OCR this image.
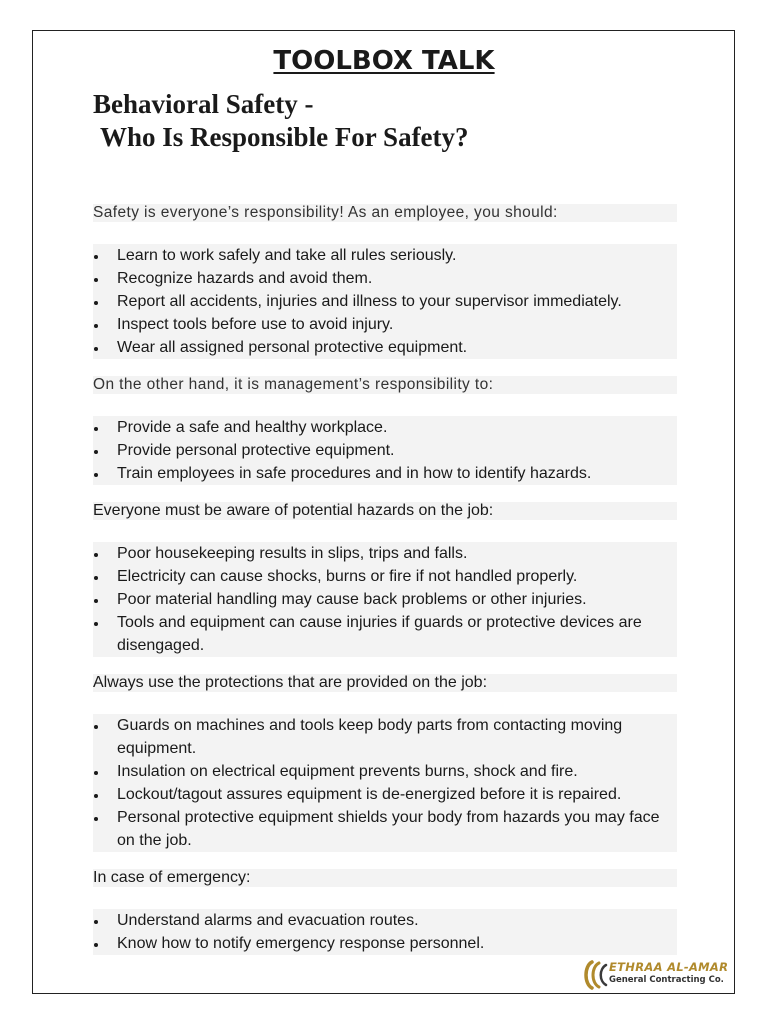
TOOLBOX TALK
Behavioral Safety -
Who Is Responsible For Safety?

Safety is everyone’s responsibility! As an employee, you should:

Learn to work safely and take all rules seriously.
Recognize hazards and avoid them.
Report all accidents, injuries and illness to your supervisor immediately.
Inspect tools before use to avoid injury.
Wear all assigned personal protective equipment.

On the other hand, it is management’s responsibility to:

Provide a safe and healthy workplace.
Provide personal protective equipment.
Train employees in safe procedures and in how to identify hazards.

Everyone must be aware of potential hazards on the job:

Poor housekeeping results in slips, trips and falls.
Electricity can cause shocks, burns or fire if not handled properly.
Poor material handling may cause back problems or other injuries.
Tools and equipment can cause injuries if guards or protective devices are disengaged.

Always use the protections that are provided on the job:

Guards on machines and tools keep body parts from contacting moving equipment.
Insulation on electrical equipment prevents burns, shock and fire.
Lockout/tagout assures equipment is de-energized before it is repaired.
Personal protective equipment shields your body from hazards you may face on the job.

In case of emergency:

Understand alarms and evacuation routes.
Know how to notify emergency response personnel.
ETHRAA AL-AMAR
General Contracting Co.
